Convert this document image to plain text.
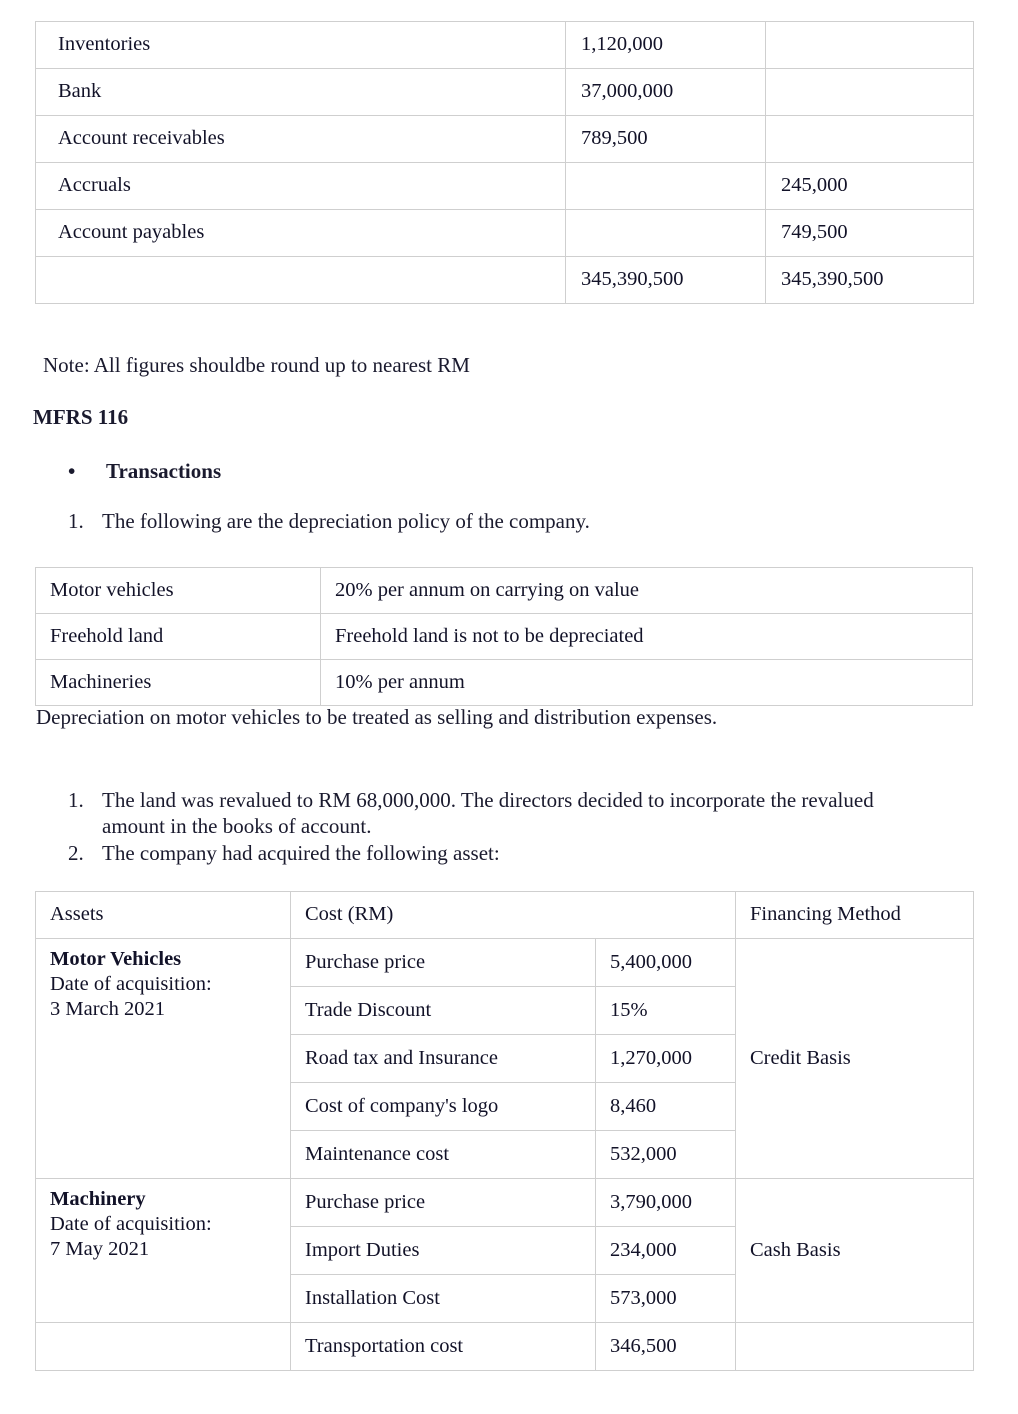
Inventories	1,120,000	
Bank	37,000,000	
Account receivables	789,500	
Accruals		245,000
Account payables		749,500
	345,390,500	345,390,500
Note: All figures shouldbe round up to nearest RM
MFRS 116
•	Transactions
1. The following are the depreciation policy of the company.
Motor vehicles	20% per annum on carrying on value
Freehold land	Freehold land is not to be depreciated
Machineries	10% per annum
Depreciation on motor vehicles to be treated as selling and distribution expenses.
1. The land was revalued to RM 68,000,000. The directors decided to incorporate the revalued amount in the books of account.
2. The company had acquired the following asset:
Assets	Cost (RM)		Financing Method

Motor Vehicles
Date of acquisition:
3 March 2021	Purchase price	5,400,000	Credit Basis
	Trade Discount	15%	
	Road tax and Insurance	1,270,000	
	Cost of company's logo	8,460	
	Maintenance cost	532,000	

Machinery
Date of acquisition:
7 May 2021	Purchase price	3,790,000	Cash Basis
	Import Duties	234,000	
	Installation Cost	573,000	
	Transportation cost	346,500	
